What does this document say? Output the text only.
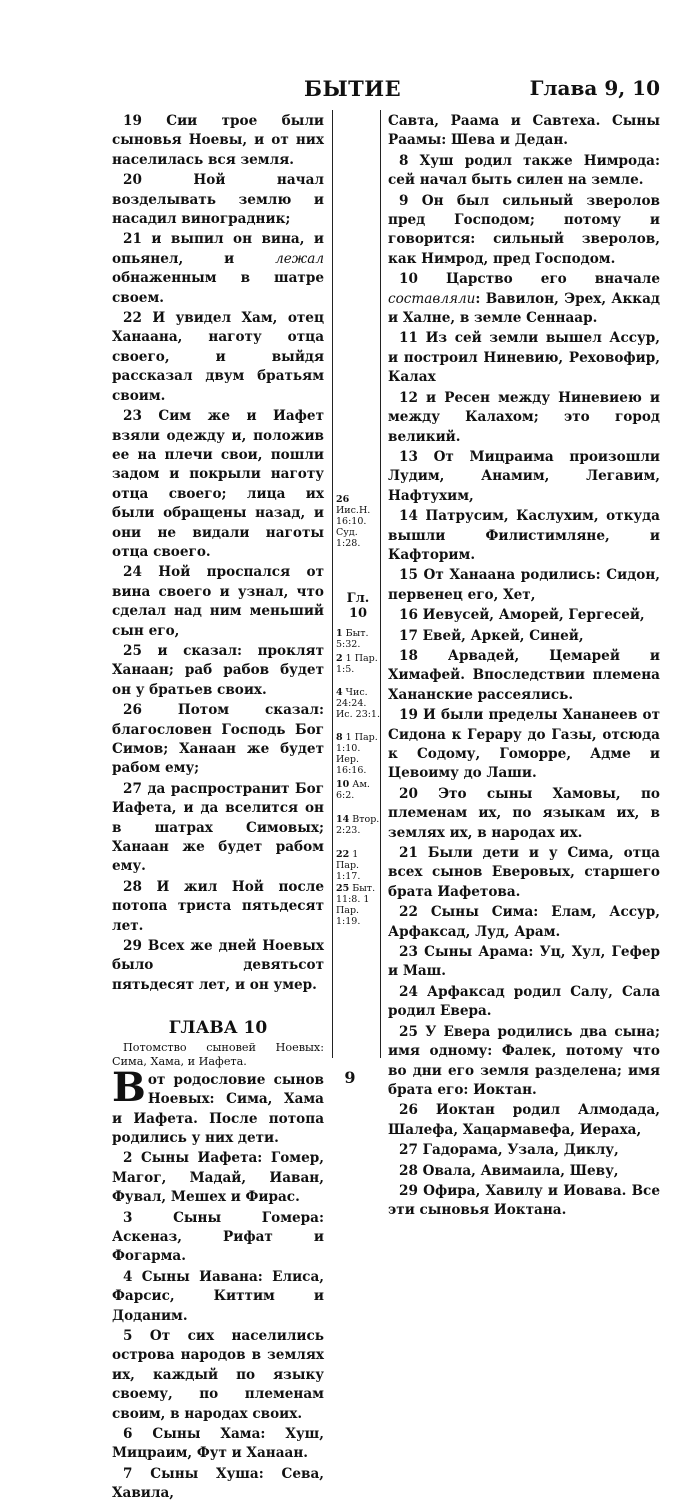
БЫТИЕ	Глава 9, 10

19 Сии трое были сыновья Ноевы, и от них населилась вся земля.

20 Ной начал возделывать землю и насадил виноградник;

21 и выпил он вина, и опьянел, и лежал обнаженным в шатре своем.

22 И увидел Хам, отец Ханаана, наготу отца своего, и выйдя рассказал двум братьям своим.

23 Сим же и Иафет взяли одежду и, положив ее на плечи свои, пошли задом и покрыли наготу отца своего; лица их были обращены назад, и они не видали наготы отца своего.

24 Ной проспался от вина своего и узнал, что сделал над ним меньший сын его,

25 и сказал: проклят Ханаан; раб рабов будет он у братьев своих.

26 Потом сказал: благословен Господь Бог Симов; Ханаан же будет рабом ему;

27 да распространит Бог Иафета, и да вселится он в шатрах Симовых; Ханаан же будет рабом ему.

28 И жил Ной после потопа триста пятьдесят лет.

29 Всех же дней Ноевых было девятьсот пятьдесят лет, и он умер.

ГЛАВА 10

Потомство сыновей Ноевых: Сима, Хама, и Иафета.

Вот родословие сынов Ноевых: Сима, Хама и Иафета. После потопа родились у них дети.

2 Сыны Иафета: Гомер, Магог, Мадай, Иаван, Фувал, Мешех и Фирас.

3 Сыны Гомера: Аскеназ, Рифат и Фогарма.

4 Сыны Иавана: Елиса, Фарсис, Киттим и Доданим.

5 От сих населились острова народов в землях их, каждый по языку своему, по племенам своим, в народах своих.

6 Сыны Хама: Хуш, Мицраим, Фут и Ханаан.

7 Сыны Хуша: Сева, Хавила,

26 Иис.Н. 16:10. Суд. 1:28.
1 Быт. 5:32.
2 1 Пар. 1:5.
4 Чис. 24:24. Ис. 23:1.
8 1 Пар. 1:10. Иер. 16:16.
10 Ам. 6:2.
14 Втор. 2:23.
22 1 Пар. 1:17.
25 Быт. 11:8. 1 Пар. 1:19.
Гл. 10

Савта, Раама и Савтеха. Сыны Раамы: Шева и Дедан.

8 Хуш родил также Нимрода: сей начал быть силен на земле.

9 Он был сильный зверолов пред Господом; потому и говорится: сильный зверолов, как Нимрод, пред Господом.

10 Царство его вначале составляли: Вавилон, Эрех, Аккад и Халне, в земле Сеннаар.

11 Из сей земли вышел Ассур, и построил Ниневию, Реховофир, Калах

12 и Ресен между Ниневиею и между Калахом; это город великий.

13 От Мицраима произошли Лудим, Анамим, Легавим, Нафтухим,

14 Патрусим, Каслухим, откуда вышли Филистимляне, и Кафторим.

15 От Ханаана родились: Сидон, первенец его, Хет,

16 Иевусей, Аморей, Гергесей,

17 Евей, Аркей, Синей,

18 Арвадей, Цемарей и Химафей. Впоследствии племена Хананские рассеялись.

19 И были пределы Хананеев от Сидона к Герару до Газы, отсюда к Содому, Гоморре, Адме и Цевоиму до Лаши.

20 Это сыны Хамовы, по племенам их, по языкам их, в землях их, в народах их.

21 Были дети и у Сима, отца всех сынов Еверовых, старшего брата Иафетова.

22 Сыны Сима: Елам, Ассур, Арфаксад, Луд, Арам.

23 Сыны Арама: Уц, Хул, Гефер и Маш.

24 Арфаксад родил Салу, Сала родил Евера.

25 У Евера родились два сына; имя одному: Фалек, потому что во дни его земля разделена; имя брата его: Иоктан.

26 Иоктан родил Алмодада, Шалефа, Хацармавефа, Иераха,

27 Гадорама, Узала, Диклу,

28 Овала, Авимаила, Шеву,

29 Офира, Хавилу и Иовава. Все эти сыновья Иоктана.

9
